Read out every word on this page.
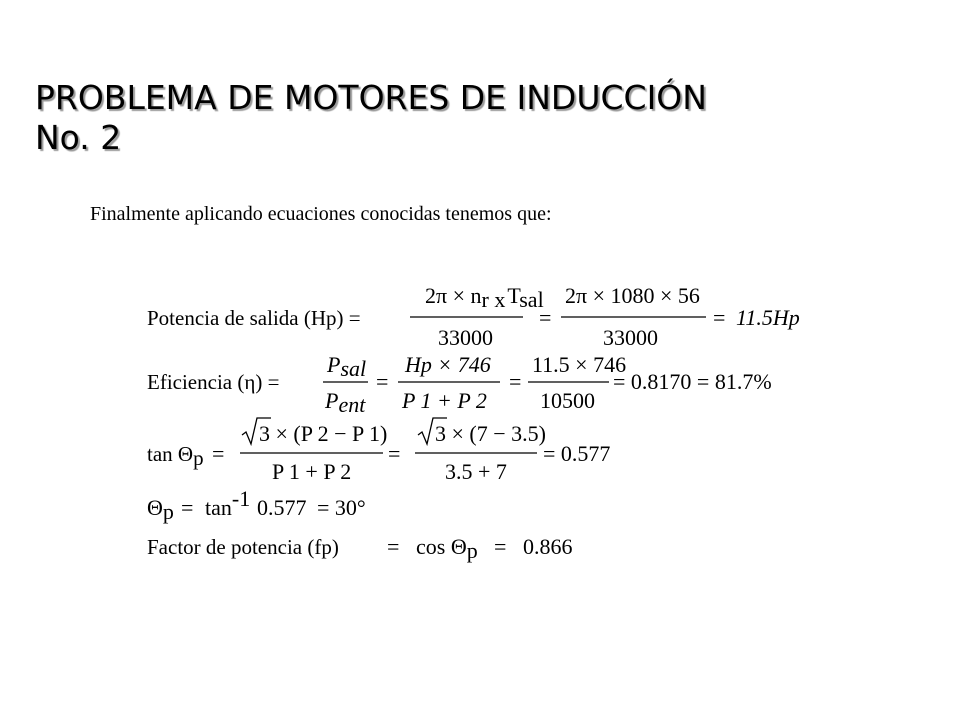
PROBLEMA DE MOTORES DE INDUCCIÓN
No. 2

Finalmente aplicando ecuaciones conocidas tenemos que:

Potencia de salida (Hp) =
2π × nr xTsal
33000
=
2π × 1080 × 56
33000
= 11.5Hp
Eficiencia (η) =
Psal
Pent
=
Hp × 746
P 1 + P 2
=
11.5 × 746
10500
= 0.8170 = 81.7%
tan Θp =
3 × (P 2 − P 1)
P 1 + P 2
=
3 × (7 − 3.5)
3.5 + 7
= 0.577
Θp = tan-1 0.577 = 30°
Factor de potencia (fp) = cos Θp = 0.866
